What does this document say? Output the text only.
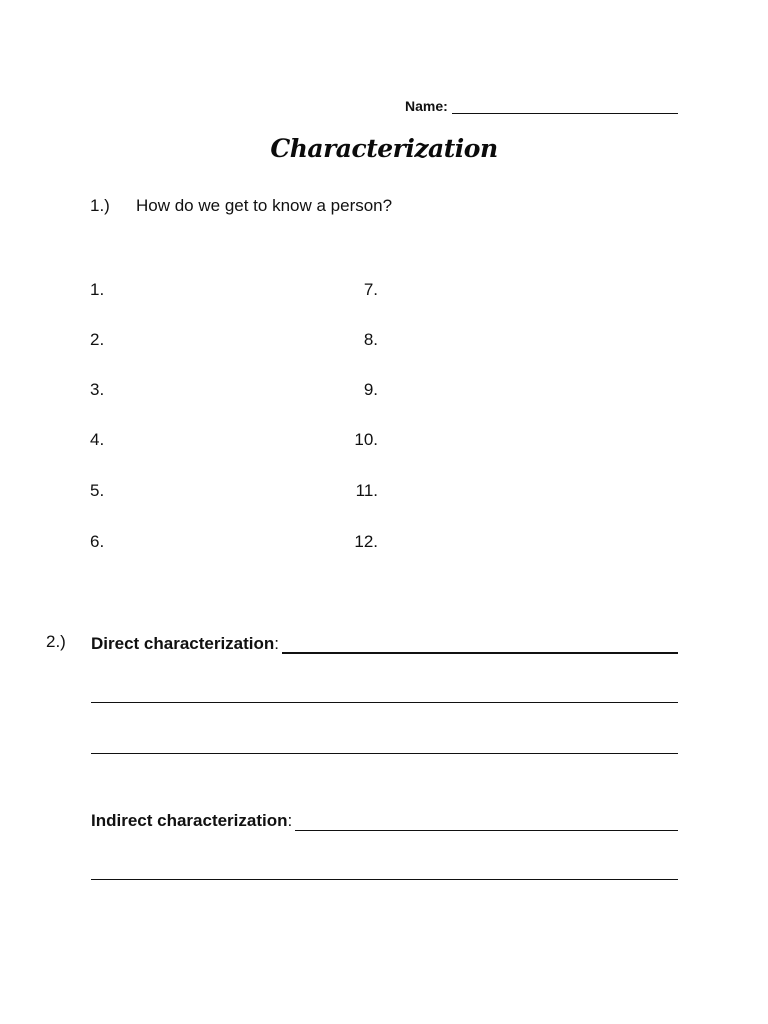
Name:
Characterization
1.) How do we get to know a person?
1.
2.
3.
4.
5.
6.
7.
8.
9.
10.
11.
12.
2.) Direct characterization :
Indirect characterization :
